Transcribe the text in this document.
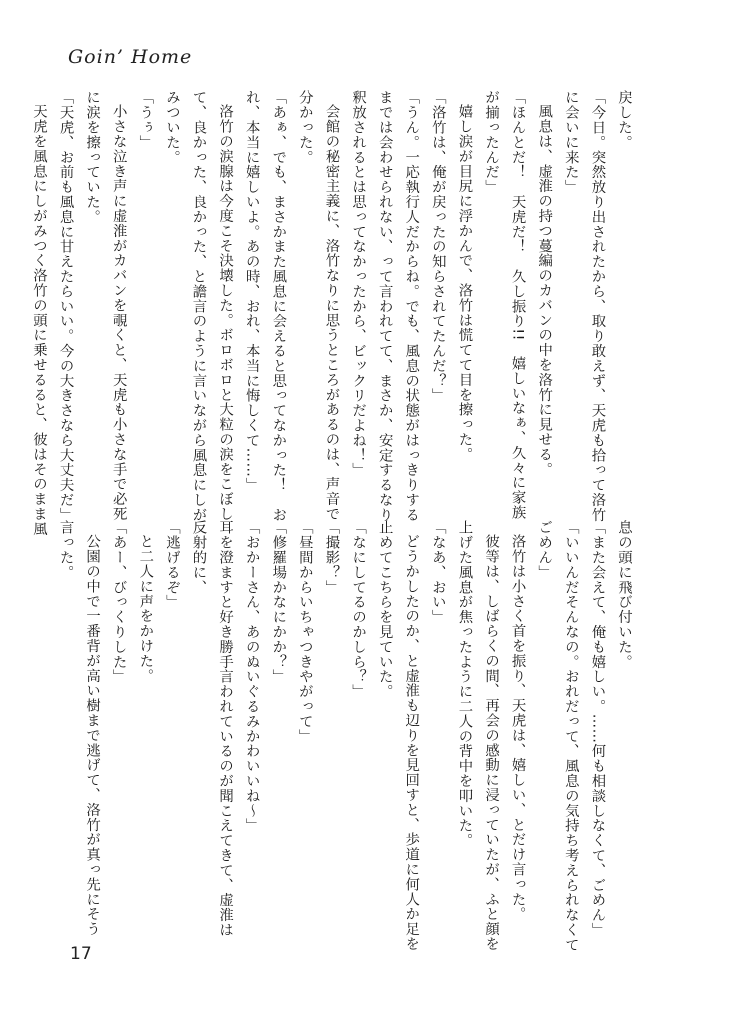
Goin’ Home
戻した。
「今日。突然放り出されたから、取り敢えず、天虎も拾って洛竹
に会いに来た」
風息は、虚淮の持つ蔓編のカバンの中を洛竹に見せる。
「ほんとだ！　天虎だ！　久し振り!!　嬉しいなぁ、久々に家族
が揃ったんだ」
嬉し涙が目尻に浮かんで、洛竹は慌てて目を擦った。
「洛竹は、俺が戻ったの知らされてたんだ？」
「うん。一応執行人だからね。でも、風息の状態がはっきりする
までは会わせられない、って言われてて、まさか、安定するなり
釈放されるとは思ってなかったから、ビックリだよね！」
会館の秘密主義に、洛竹なりに思うところがあるのは、声音で
分かった。
「あぁ、でも、まさかまた風息に会えると思ってなかった！　お
れ、本当に嬉しいよ。あの時、おれ、本当に悔しくて……」
洛竹の涙腺は今度こそ決壊した。ボロボロと大粒の涙をこぼし
て、良かった、良かった、と譫言のように言いながら風息にしが
みついた。
「うぅ」
小さな泣き声に虚淮がカバンを覗くと、天虎も小さな手で必死
に涙を擦っていた。
「天虎、お前も風息に甘えたらいい。今の大きさなら大丈夫だ」
天虎を風息にしがみつく洛竹の頭に乗せるると、彼はそのまま風
息の頭に飛び付いた。
「また会えて、俺も嬉しい。……何も相談しなくて、ごめん」
「いいんだそんなの。おれだって、風息の気持ち考えられなくて
ごめん」
洛竹は小さく首を振り、天虎は、嬉しい、とだけ言った。
彼等は、しばらくの間、再会の感動に浸っていたが、ふと顔を
上げた風息が焦ったように二人の背中を叩いた。
「なあ、おい」
どうかしたのか、と虚淮も辺りを見回すと、歩道に何人か足を
止めてこちらを見ていた。
「なにしてるのかしら？」
「撮影？」
「昼間からいちゃつきやがって」
「修羅場かなにかか？」
「おかーさん、あのぬいぐるみかわいいね〜」
耳を澄ますと好き勝手言われているのが聞こえてきて、虚淮は
反射的に、
「逃げるぞ」
と二人に声をかけた。
「あー、びっくりした」
公園の中で一番背が高い樹まで逃げて、洛竹が真っ先にそう
言った。
17
